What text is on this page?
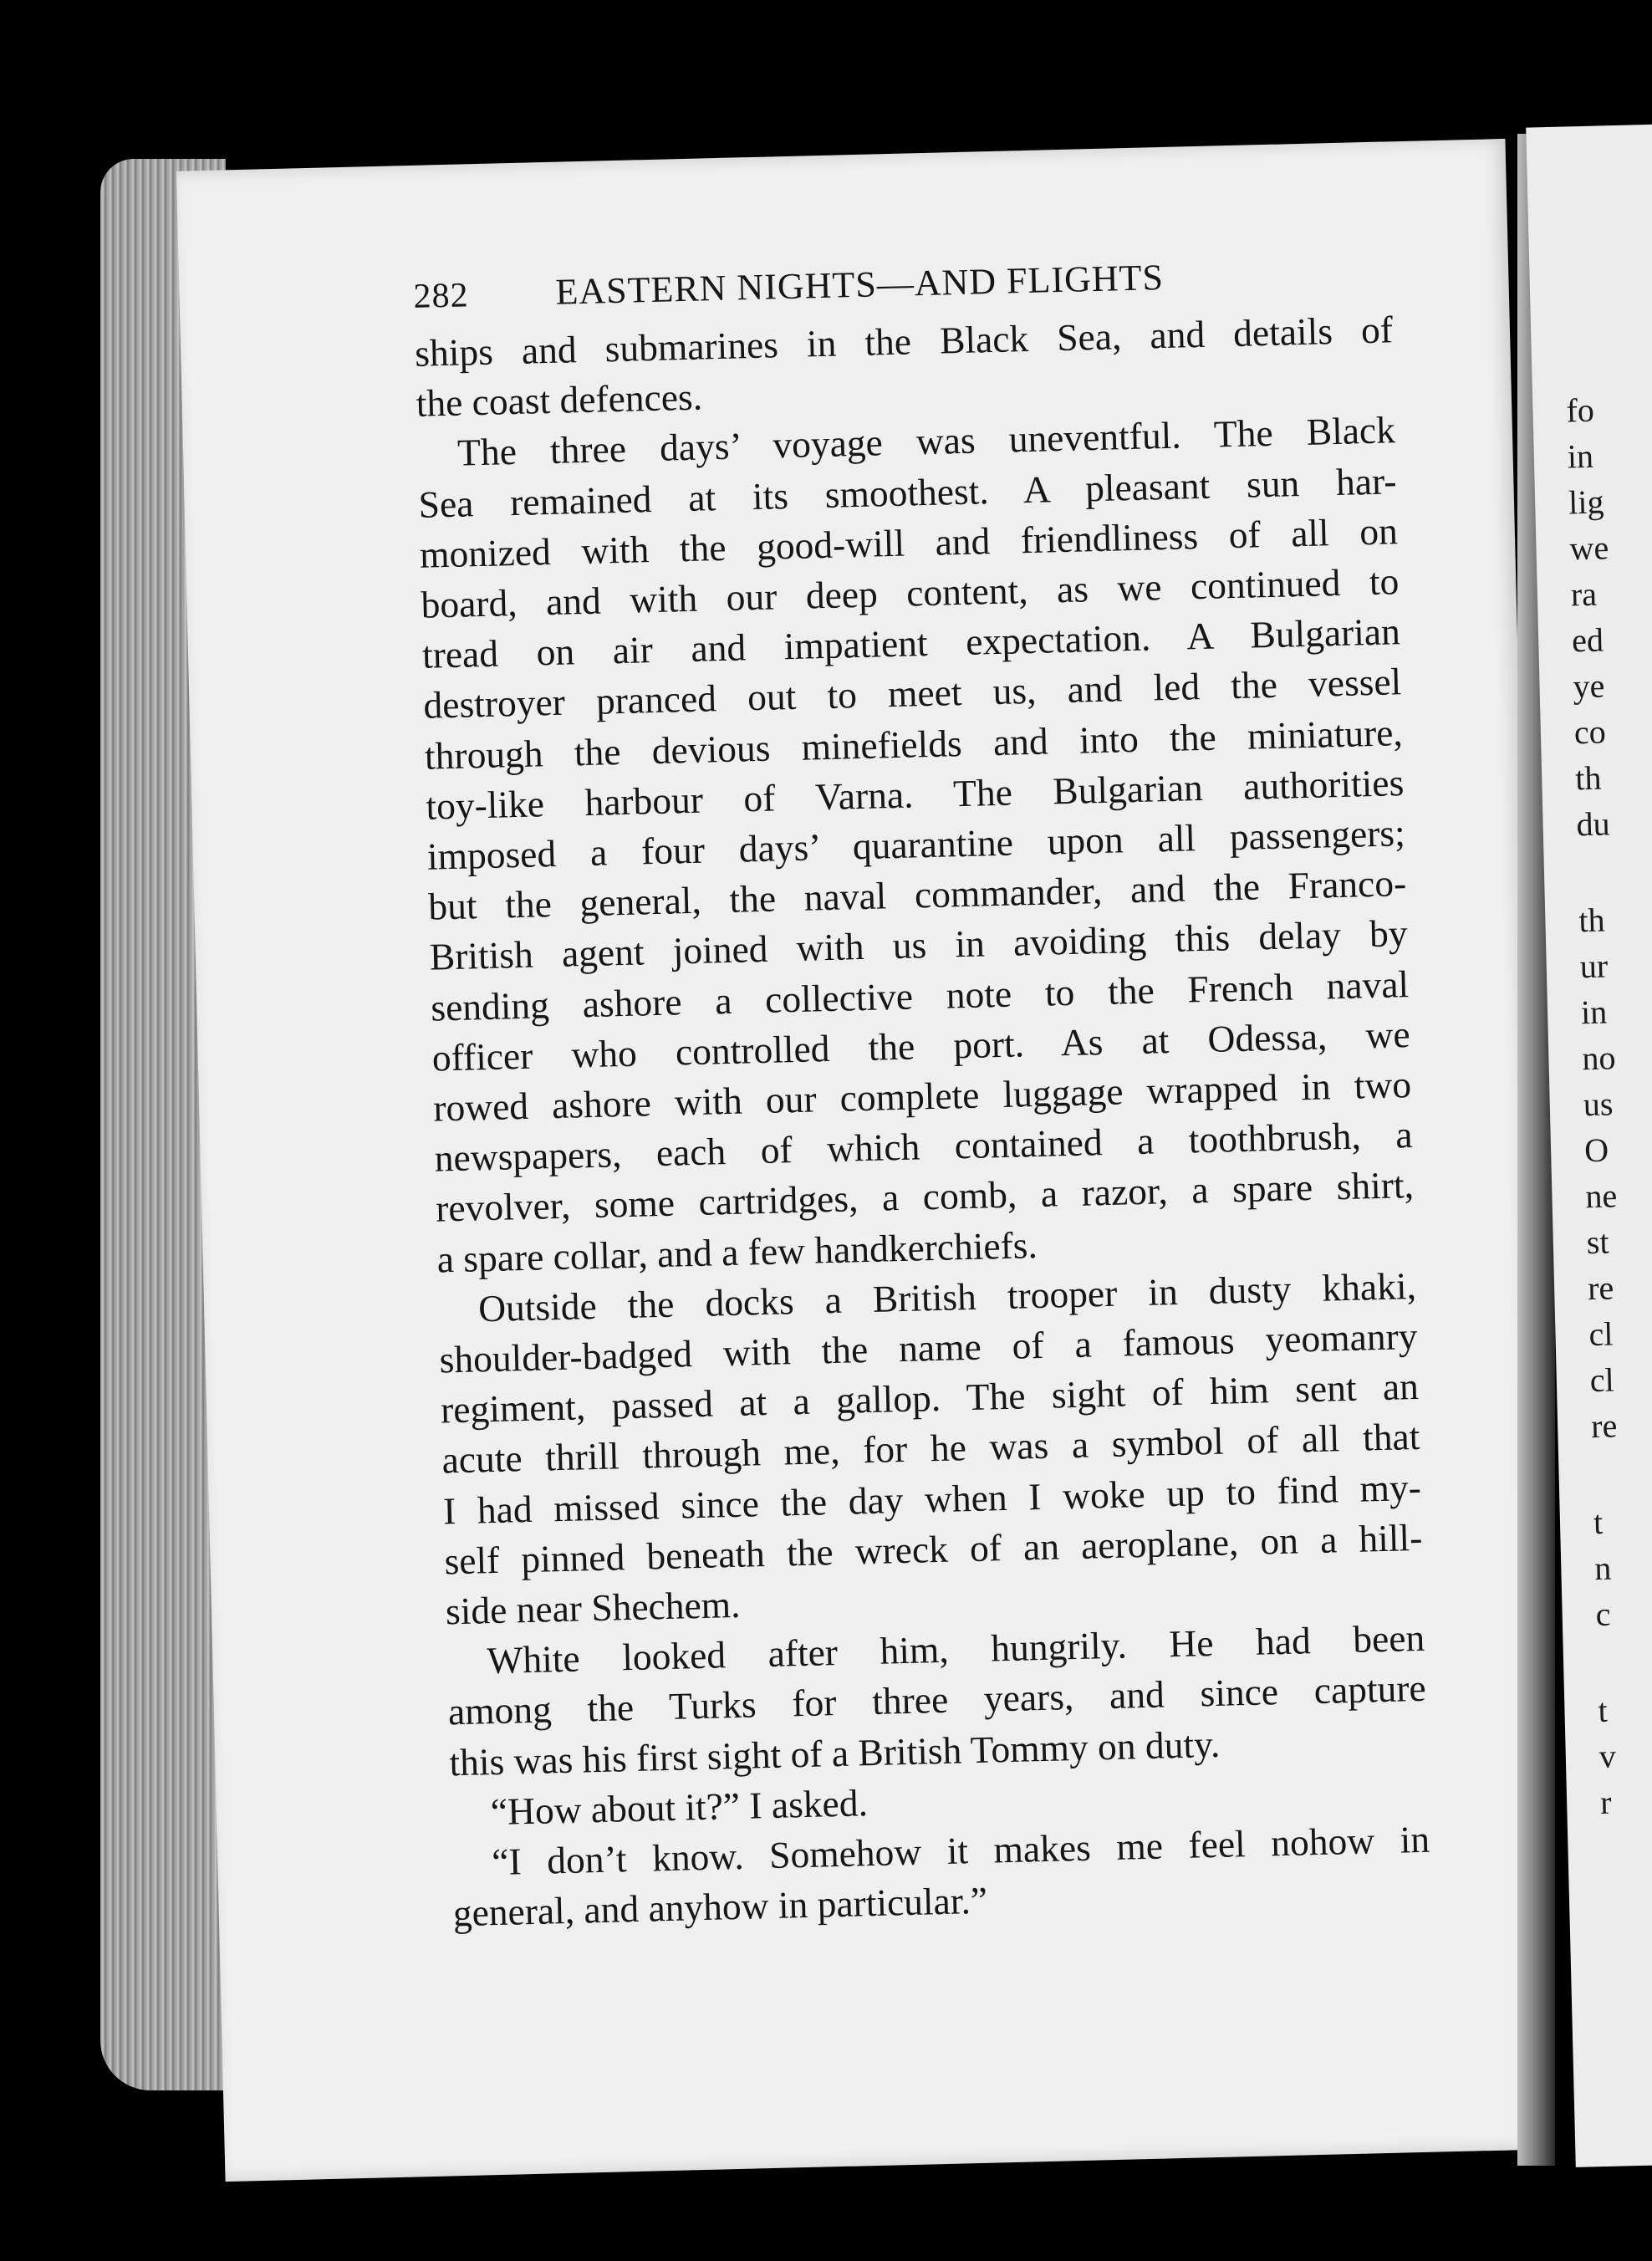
282	EASTERN NIGHTS—AND FLIGHTS
ships and submarines in the Black Sea, and details of
the coast defences.
The three days’ voyage was uneventful. The Black
Sea remained at its smoothest. A pleasant sun har-
monized with the good-will and friendliness of all on
board, and with our deep content, as we continued to
tread on air and impatient expectation. A Bulgarian
destroyer pranced out to meet us, and led the vessel
through the devious minefields and into the miniature,
toy-like harbour of Varna. The Bulgarian authorities
imposed a four days’ quarantine upon all passengers;
but the general, the naval commander, and the Franco-
British agent joined with us in avoiding this delay by
sending ashore a collective note to the French naval
officer who controlled the port. As at Odessa, we
rowed ashore with our complete luggage wrapped in two
newspapers, each of which contained a toothbrush, a
revolver, some cartridges, a comb, a razor, a spare shirt,
a spare collar, and a few handkerchiefs.
Outside the docks a British trooper in dusty khaki,
shoulder-badged with the name of a famous yeomanry
regiment, passed at a gallop. The sight of him sent an
acute thrill through me, for he was a symbol of all that
I had missed since the day when I woke up to find my-
self pinned beneath the wreck of an aeroplane, on a hill-
side near Shechem.
White looked after him, hungrily. He had been
among the Turks for three years, and since capture
this was his first sight of a British Tommy on duty.
“How about it?” I asked.
“I don’t know. Somehow it makes me feel nohow in
general, and anyhow in particular.”
fo
in
lig
we
ra
ed
ye
co
th
du
th
ur
in
no
us
O
ne
st
re
cl
cl
re
t
n
c
t
v
r
